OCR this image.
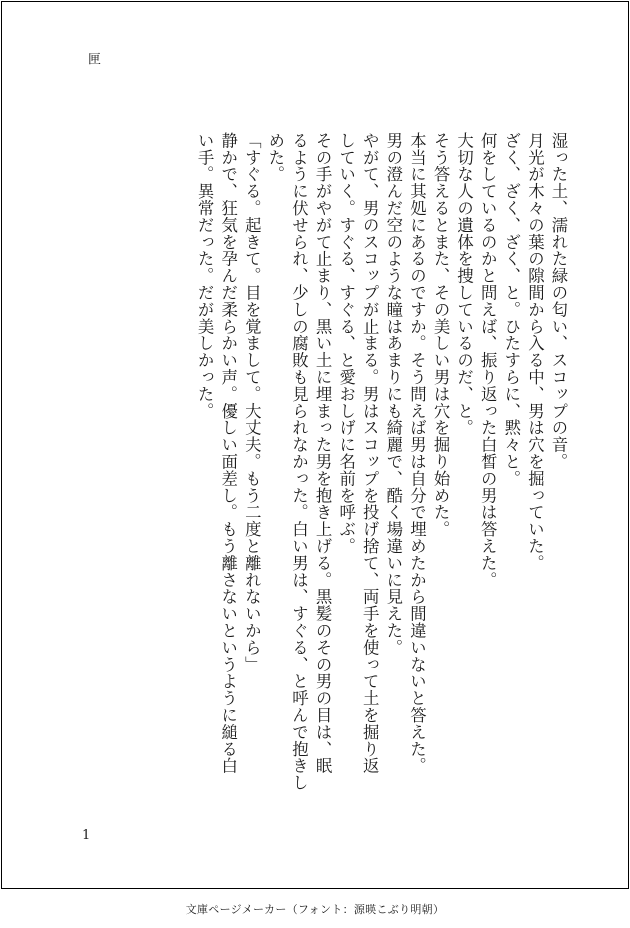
匣
湿った土、濡れた緑の匂い、スコップの音。
月光が木々の葉の隙間から入る中、男は穴を掘っていた。
ざく、ざく、ざく、と。ひたすらに、黙々と。
何をしているのかと問えば、振り返った白皙の男は答えた。
大切な人の遺体を捜しているのだ、と。
そう答えるとまた、その美しい男は穴を掘り始めた。
本当に其処にあるのですか。そう問えば男は自分で埋めたから間違いないと答えた。
男の澄んだ空のような瞳はあまりにも綺麗で、酷く場違いに見えた。
やがて、男のスコップが止まる。男はスコップを投げ捨て、両手を使って土を掘り返
していく。すぐる、すぐる、と愛おしげに名前を呼ぶ。
その手がやがて止まり、黒い土に埋まった男を抱き上げる。黒髪のその男の目は、眠
るように伏せられ、少しの腐敗も見られなかった。白い男は、すぐる、と呼んで抱きし
めた。
「すぐる。起きて。目を覚まして。大丈夫。もう二度と離れないから」
静かで、狂気を孕んだ柔らかい声。優しい面差し。もう離さないというように縋る白
い手。異常だった。だが美しかった。
1
文庫ページメーカー（フォント：源暎こぶり明朝）
